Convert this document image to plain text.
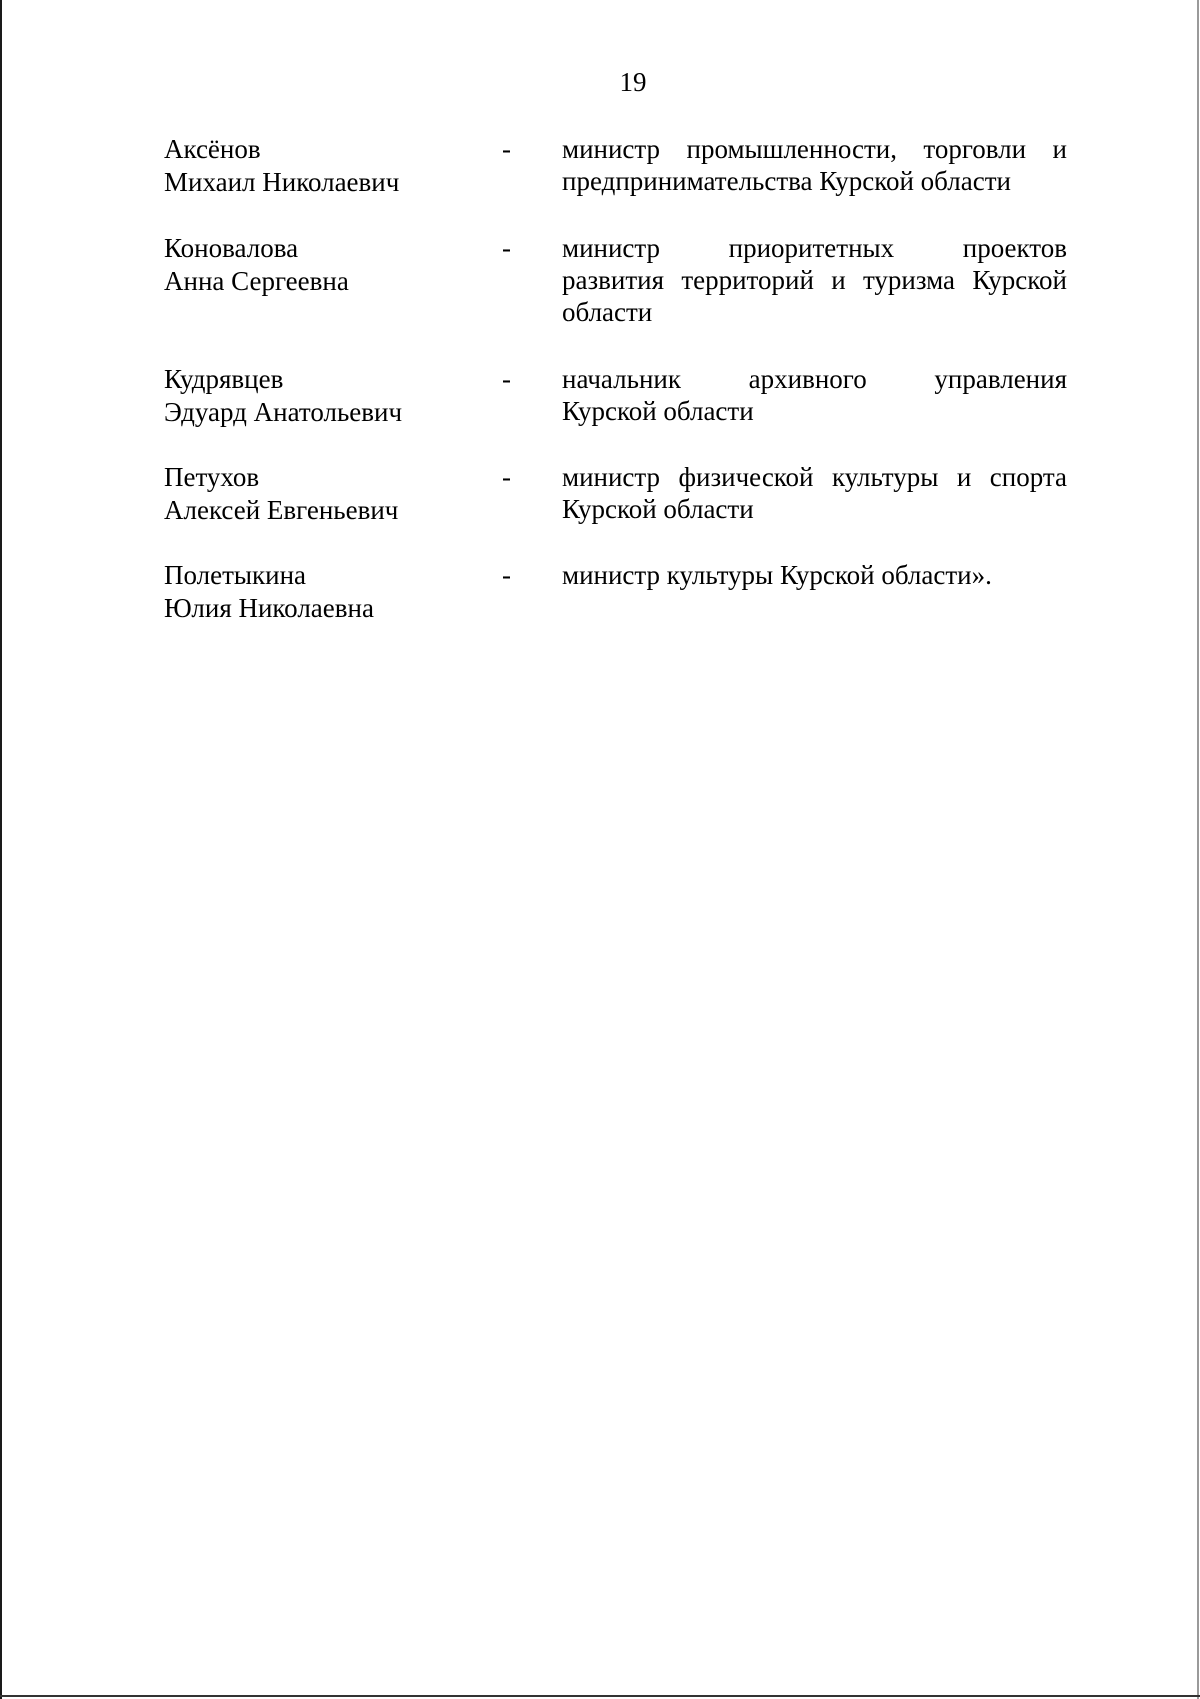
19
Аксёнов
Михаил Николаевич
- министр промышленности, торговли и
предпринимательства Курской области
Коновалова
Анна Сергеевна
- министр приоритетных проектов
развития территорий и туризма Курской
области
Кудрявцев
Эдуард Анатольевич
- начальник архивного управления
Курской области
Петухов
Алексей Евгеньевич
- министр физической культуры и спорта
Курской области
Полетыкина
Юлия Николаевна
- министр культуры Курской области».
